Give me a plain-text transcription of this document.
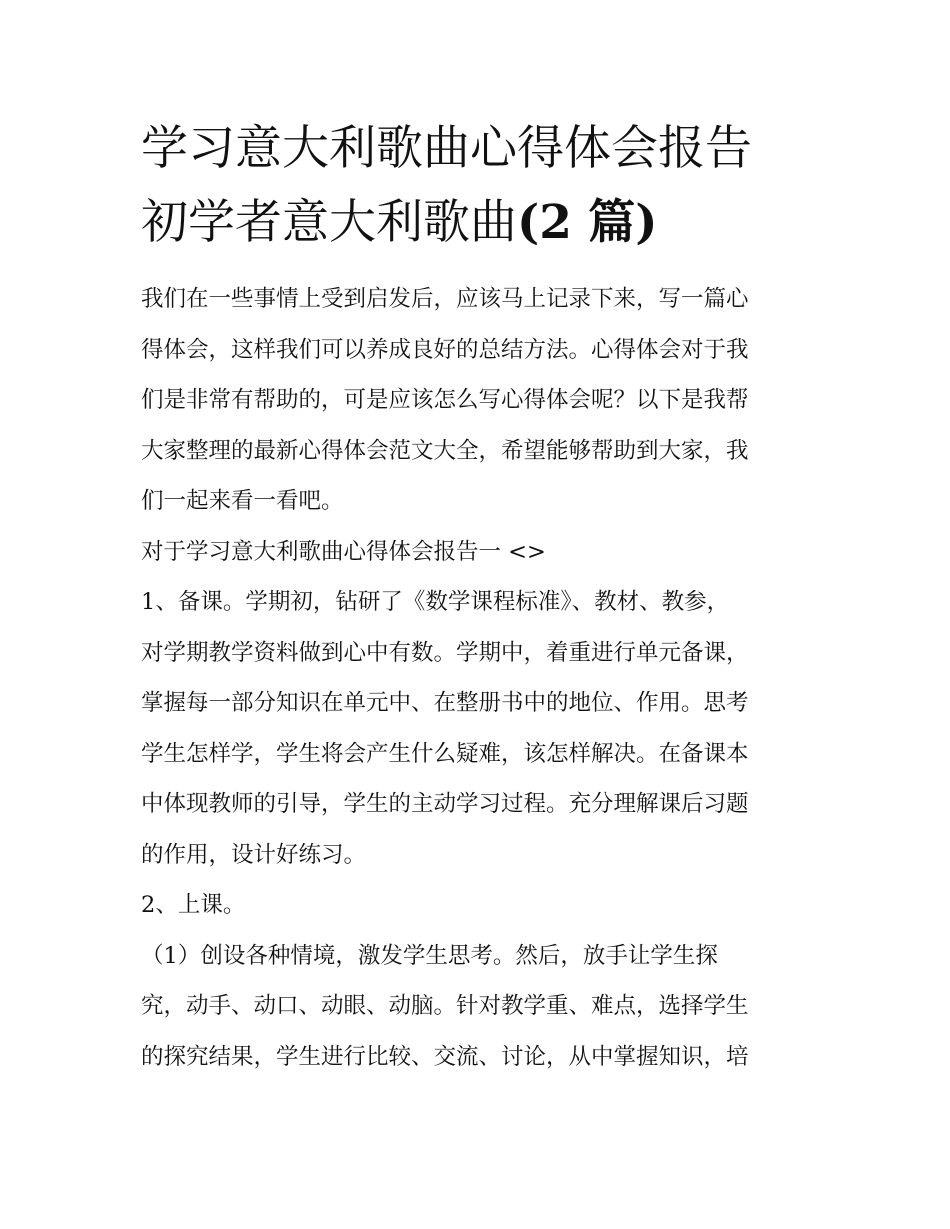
学习意大利歌曲心得体会报告
初学者意大利歌曲(2 篇)
我们在一些事情上受到启发后，应该马上记录下来，写一篇心
得体会，这样我们可以养成良好的总结方法。心得体会对于我
们是非常有帮助的，可是应该怎么写心得体会呢？以下是我帮
大家整理的最新心得体会范文大全，希望能够帮助到大家，我
们一起来看一看吧。
对于学习意大利歌曲心得体会报告一 <>
1、备课。学期初，钻研了《数学课程标准》、教材、教参，
对学期教学资料做到心中有数。学期中，着重进行单元备课，
掌握每一部分知识在单元中、在整册书中的地位、作用。思考
学生怎样学，学生将会产生什么疑难，该怎样解决。在备课本
中体现教师的引导，学生的主动学习过程。充分理解课后习题
的作用，设计好练习。
2、上课。
（1）创设各种情境，激发学生思考。然后，放手让学生探
究，动手、动口、动眼、动脑。针对教学重、难点，选择学生
的探究结果，学生进行比较、交流、讨论，从中掌握知识，培
